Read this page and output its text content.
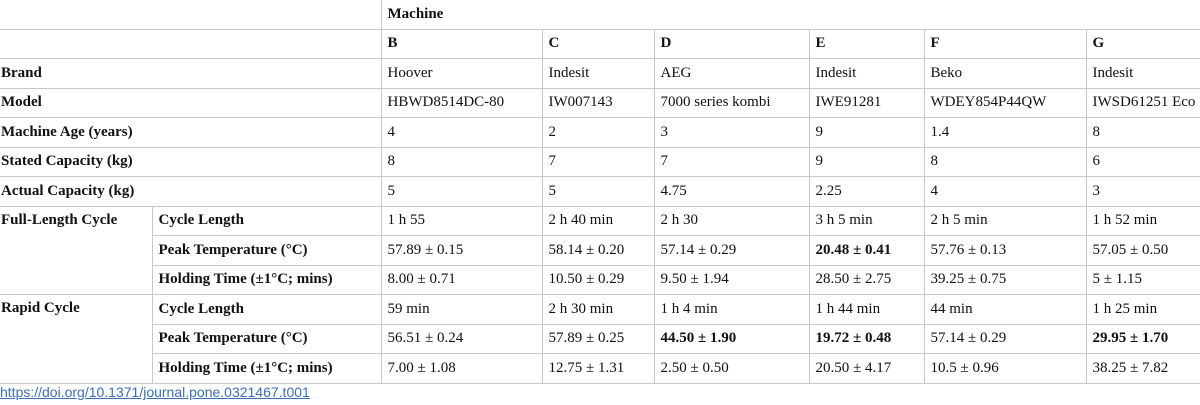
		Machine					
		B	C	D	E	F	G
Brand		Hoover	Indesit	AEG	Indesit	Beko	Indesit
Model		HBWD8514DC-80	IW007143	7000 series kombi	IWE91281	WDEY854P44QW	IWSD61251 Eco
Machine Age (years)		4	2	3	9	1.4	8
Stated Capacity (kg)		8	7	7	9	8	6
Actual Capacity (kg)		5	5	4.75	2.25	4	3
Full-Length Cycle	Cycle Length	1 h 55	2 h 40 min	2 h 30	3 h 5 min	2 h 5 min	1 h 52 min
	Peak Temperature (°C)	57.89 ± 0.15	58.14 ± 0.20	57.14 ± 0.29	20.48 ± 0.41	57.76 ± 0.13	57.05 ± 0.50
	Holding Time (±1°C; mins)	8.00 ± 0.71	10.50 ± 0.29	9.50 ± 1.94	28.50 ± 2.75	39.25 ± 0.75	5 ± 1.15
Rapid Cycle	Cycle Length	59 min	2 h 30 min	1 h 4 min	1 h 44 min	44 min	1 h 25 min
	Peak Temperature (°C)	56.51 ± 0.24	57.89 ± 0.25	44.50 ± 1.90	19.72 ± 0.48	57.14 ± 0.29	29.95 ± 1.70
	Holding Time (±1°C; mins)	7.00 ± 1.08	12.75 ± 1.31	2.50 ± 0.50	20.50 ± 4.17	10.5 ± 0.96	38.25 ± 7.82
https://doi.org/10.1371/journal.pone.0321467.t001
